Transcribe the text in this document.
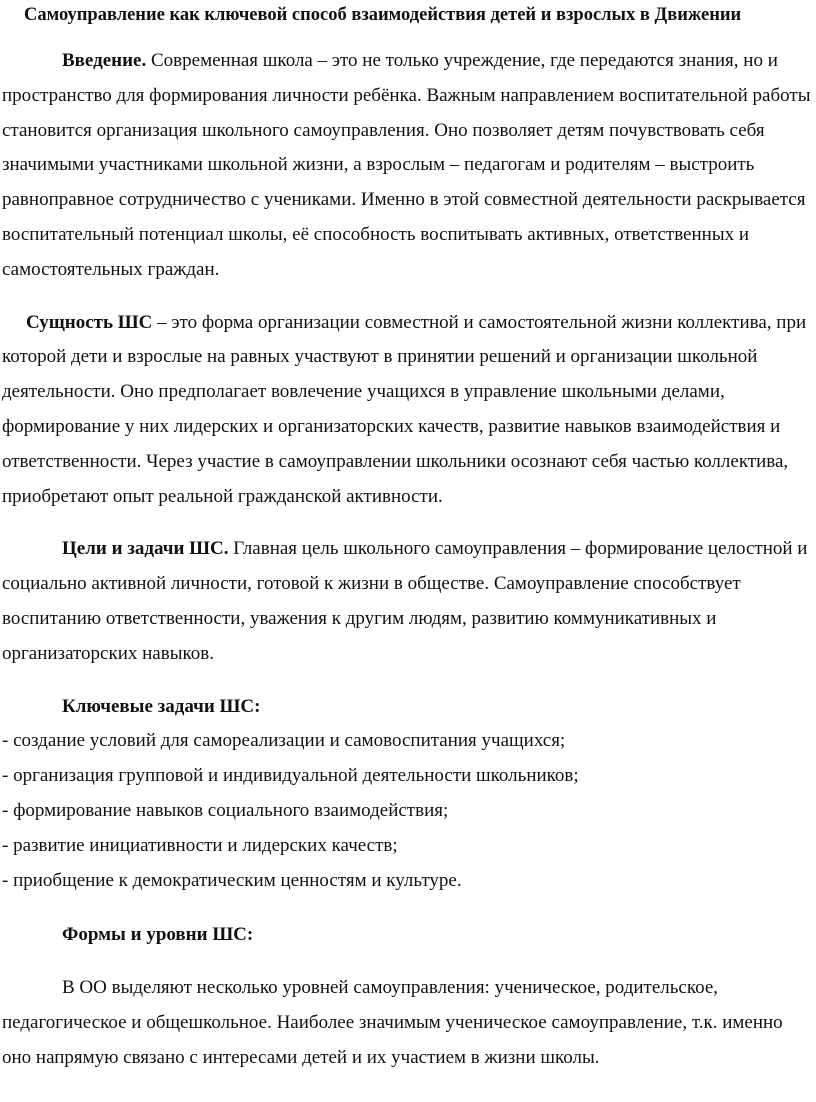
Самоуправление как ключевой способ взаимодействия детей и взрослых в Движении

Введение. Современная школа – это не только учреждение, где передаются знания, но и пространство для формирования личности ребёнка. Важным направлением воспитательной работы становится организация школьного самоуправления. Оно позволяет детям почувствовать себя значимыми участниками школьной жизни, а взрослым – педагогам и родителям – выстроить равноправное сотрудничество с учениками. Именно в этой совместной деятельности раскрывается воспитательный потенциал школы, её способность воспитывать активных, ответственных и самостоятельных граждан.

Сущность ШС – это форма организации совместной и самостоятельной жизни коллектива, при которой дети и взрослые на равных участвуют в принятии решений и организации школьной деятельности. Оно предполагает вовлечение учащихся в управление школьными делами, формирование у них лидерских и организаторских качеств, развитие навыков взаимодействия и ответственности. Через участие в самоуправлении школьники осознают себя частью коллектива, приобретают опыт реальной гражданской активности.

Цели и задачи ШС. Главная цель школьного самоуправления – формирование целостной и социально активной личности, готовой к жизни в обществе. Самоуправление способствует воспитанию ответственности, уважения к другим людям, развитию коммуникативных и организаторских навыков.

Ключевые задачи ШС:

- создание условий для самореализации и самовоспитания учащихся;
- организация групповой и индивидуальной деятельности школьников;
- формирование навыков социального взаимодействия;
- развитие инициативности и лидерских качеств;
- приобщение к демократическим ценностям и культуре.

Формы и уровни ШС:

В ОО выделяют несколько уровней самоуправления: ученическое, родительское, педагогическое и общешкольное. Наиболее значимым ученическое самоуправление, т.к. именно оно напрямую связано с интересами детей и их участием в жизни школы.
